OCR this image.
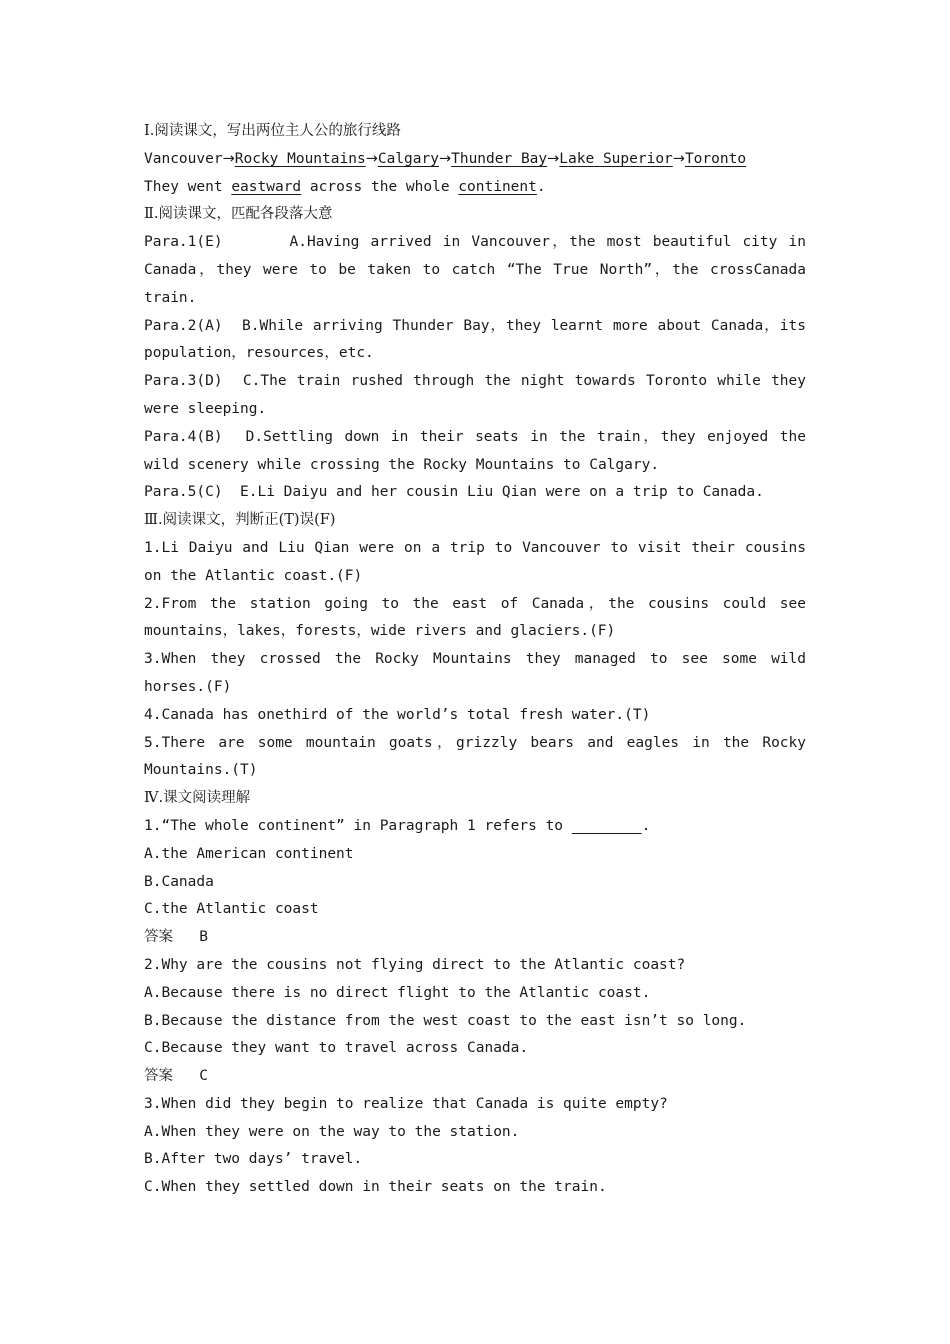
Ⅰ.阅读课文，写出两位主人公的旅行线路
Vancouver→Rocky Mountains→Calgary→Thunder Bay→Lake Superior→Toronto
They went eastward across the whole continent.
Ⅱ.阅读课文，匹配各段落大意
Para.1(E)      A.Having arrived in Vancouver，the most beautiful city in Canada，they were to be taken to catch “The True North”，the crossCanada train.
Para.2(A)  B.While arriving Thunder Bay，they learnt more about Canada，its population，resources，etc.
Para.3(D)  C.The train rushed through the night towards Toronto while they were sleeping.
Para.4(B)  D.Settling down in their seats in the train，they enjoyed the wild scenery while crossing the Rocky Mountains to Calgary.
Para.5(C)  E.Li Daiyu and her cousin Liu Qian were on a trip to Canada.
Ⅲ.阅读课文，判断正(T)误(F)
1.Li Daiyu and Liu Qian were on a trip to Vancouver to visit their cousins on the Atlantic coast.(F)
2.From the station going to the east of Canada，the cousins could see mountains，lakes，forests，wide rivers and glaciers.(F)
3.When they crossed the Rocky Mountains they managed to see some wild horses.(F)
4.Canada has onethird of the world’s total fresh water.(T)
5.There are some mountain goats，grizzly bears and eagles in the Rocky Mountains.(T)
Ⅳ.课文阅读理解
1.“The whole continent” in Paragraph 1 refers to ________.
A.the American continent
B.Canada
C.the Atlantic coast
答案 B
2.Why are the cousins not flying direct to the Atlantic coast?
A.Because there is no direct flight to the Atlantic coast.
B.Because the distance from the west coast to the east isn’t so long.
C.Because they want to travel across Canada.
答案 C
3.When did they begin to realize that Canada is quite empty?
A.When they were on the way to the station.
B.After two days’ travel.
C.When they settled down in their seats on the train.
